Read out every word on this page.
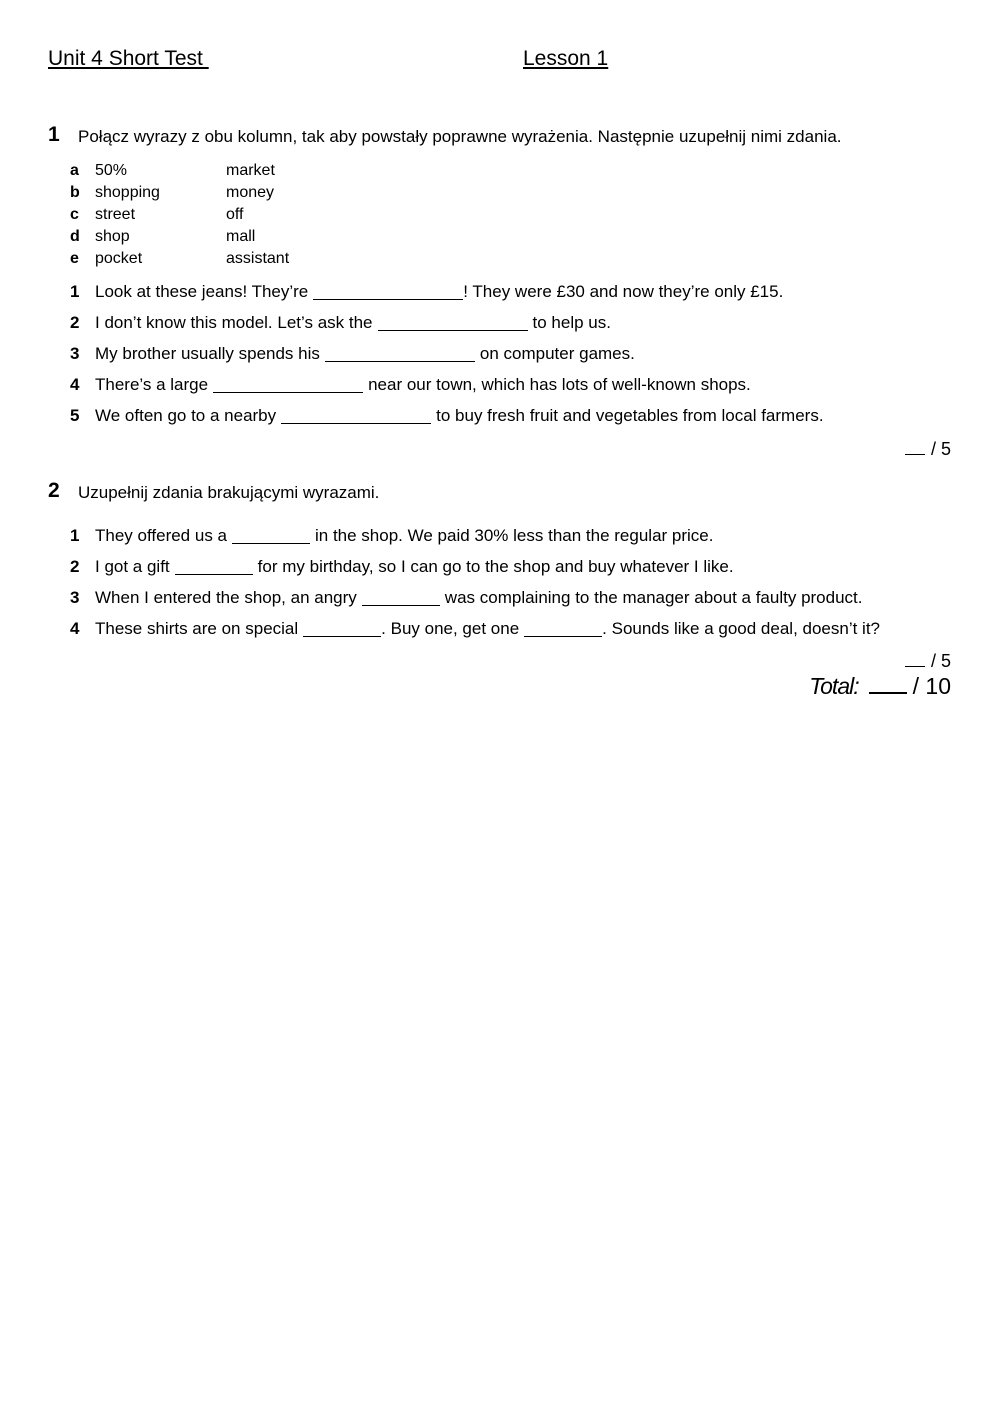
Unit 4 Short Test	Lesson 1
1 Połącz wyrazy z obu kolumn, tak aby powstały poprawne wyrażenia. Następnie uzupełnij nimi zdania.
a	50%	market
b shopping	money
c	street	off
d shop	mall
e	pocket	assistant
1 Look at these jeans! They’re	! They were £30 and now they’re only £15.
2 I don’t know this model. Let’s ask the	to help us.
3 My brother usually spends his	on computer games.
4 There’s a large	near our town, which has lots of well-known shops.
5 We often go to a nearby	to buy fresh fruit and vegetables from local farmers.
/ 5
2 Uzupełnij zdania brakującymi wyrazami.
1 They offered us a	in the shop. We paid 30% less than the regular price.
2 I got a gift	for my birthday, so I can go to the shop and buy whatever I like.
3 When I entered the shop, an angry	was complaining to the manager about a faulty product.
4 These shirts are on special	. Buy one, get one	. Sounds like a good deal, doesn’t it?
/ 5
Total: / 10
